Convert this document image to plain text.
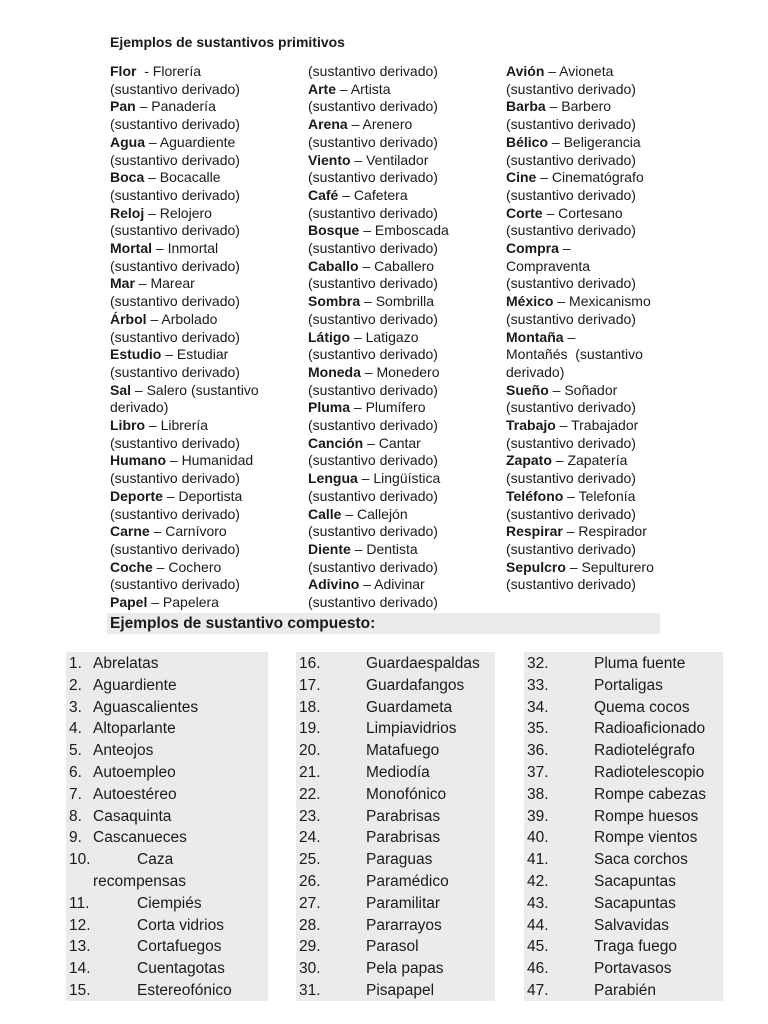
Ejemplos de sustantivos primitivos
Flor  - Florería
(sustantivo derivado)
Pan – Panadería
(sustantivo derivado)
Agua – Aguardiente
(sustantivo derivado)
Boca – Bocacalle
(sustantivo derivado)
Reloj – Relojero
(sustantivo derivado)
Mortal – Inmortal
(sustantivo derivado)
Mar – Marear
(sustantivo derivado)
Árbol – Arbolado
(sustantivo derivado)
Estudio – Estudiar
(sustantivo derivado)
Sal – Salero (sustantivo
derivado)
Libro – Librería
(sustantivo derivado)
Humano – Humanidad
(sustantivo derivado)
Deporte – Deportista
(sustantivo derivado)
Carne – Carnívoro
(sustantivo derivado)
Coche – Cochero
(sustantivo derivado)
Papel – Papelera
(sustantivo derivado)
Arte – Artista
(sustantivo derivado)
Arena – Arenero
(sustantivo derivado)
Viento – Ventilador
(sustantivo derivado)
Café – Cafetera
(sustantivo derivado)
Bosque – Emboscada
(sustantivo derivado)
Caballo – Caballero
(sustantivo derivado)
Sombra – Sombrilla
(sustantivo derivado)
Látigo – Latigazo
(sustantivo derivado)
Moneda – Monedero
(sustantivo derivado)
Pluma – Plumífero
(sustantivo derivado)
Canción – Cantar
(sustantivo derivado)
Lengua – Lingüística
(sustantivo derivado)
Calle – Callejón
(sustantivo derivado)
Diente – Dentista
(sustantivo derivado)
Adivino – Adivinar
(sustantivo derivado)
Avión – Avioneta
(sustantivo derivado)
Barba – Barbero
(sustantivo derivado)
Bélico – Beligerancia
(sustantivo derivado)
Cine – Cinematógrafo
(sustantivo derivado)
Corte – Cortesano
(sustantivo derivado)
Compra –
Compraventa
(sustantivo derivado)
México – Mexicanismo
(sustantivo derivado)
Montaña –
Montañés  (sustantivo
derivado)
Sueño – Soñador
(sustantivo derivado)
Trabajo – Trabajador
(sustantivo derivado)
Zapato – Zapatería
(sustantivo derivado)
Teléfono – Telefonía
(sustantivo derivado)
Respirar – Respirador
(sustantivo derivado)
Sepulcro – Sepulturero
(sustantivo derivado)
Ejemplos de sustantivo compuesto:
1. Abrelatas
2. Aguardiente
3. Aguascalientes
4. Altoparlante
5. Anteojos
6. Autoempleo
7. Autoestéreo
8. Casaquinta
9. Cascanueces
10.	Caza
recompensas
11.	Ciempiés
12.	Corta vidrios
13.	Cortafuegos
14.	Cuentagotas
15.	Estereofónico
16.	Guardaespaldas
17.	Guardafangos
18.	Guardameta
19.	Limpiavidrios
20.	Matafuego
21.	Mediodía
22.	Monofónico
23.	Parabrisas
24.	Parabrisas
25.	Paraguas
26.	Paramédico
27.	Paramilitar
28.	Pararrayos
29.	Parasol
30.	Pela papas
31.	Pisapapel
32.	Pluma fuente
33.	Portaligas
34.	Quema cocos
35.	Radioaficionado
36.	Radiotelégrafo
37.	Radiotelescopio
38.	Rompe cabezas
39.	Rompe huesos
40.	Rompe vientos
41.	Saca corchos
42.	Sacapuntas
43.	Sacapuntas
44.	Salvavidas
45.	Traga fuego
46.	Portavasos
47.	Parabién
